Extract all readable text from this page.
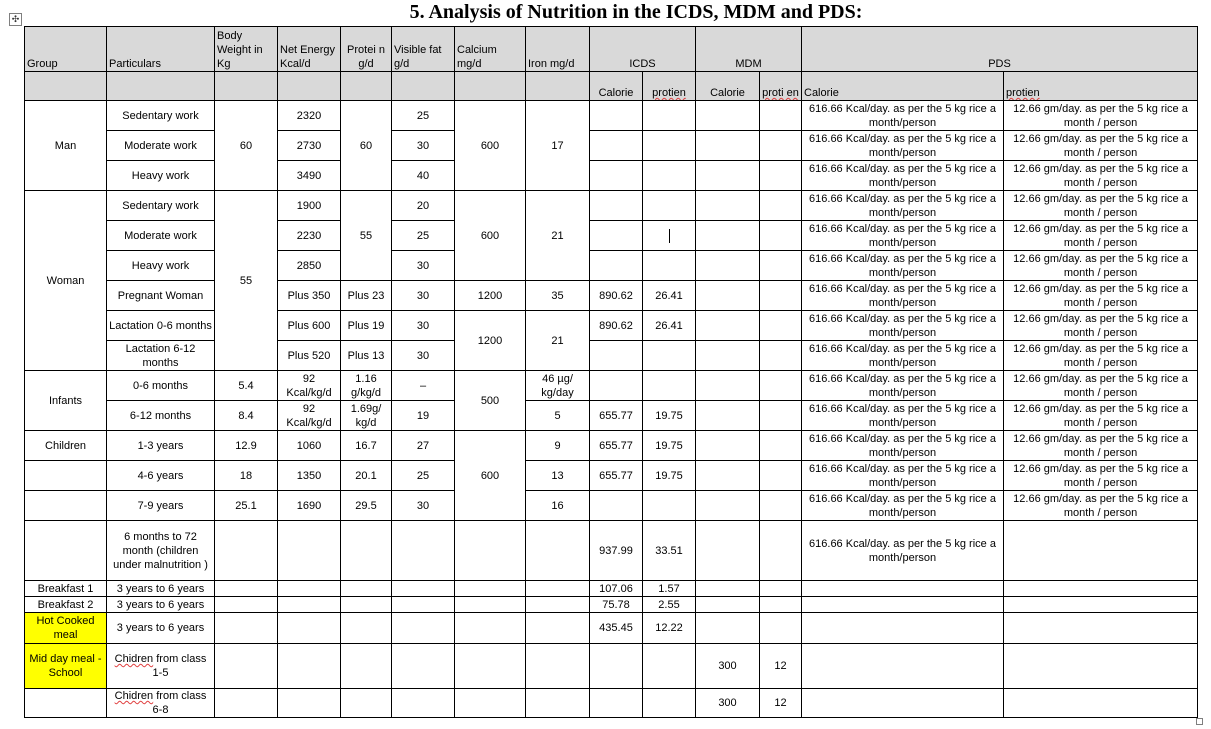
✣	5. Analysis of Nutrition in the ICDS, MDM and PDS:
Group	Particulars	Body Weight in Kg	Net Energy Kcal/d	Protei n g/d	Visible fat g/d	Calcium mg/d	Iron mg/d	ICDS		MDM		PDS	
								Calorie	protien	Calorie	proti en	Calorie	protien
Man	Sedentary work	60	2320	60	25	600	17					616.66 Kcal/day. as per the 5 kg rice a month/person	12.66 gm/day. as per the 5 kg rice a month / person
	Moderate work		2730		30							616.66 Kcal/day. as per the 5 kg rice a month/person	12.66 gm/day. as per the 5 kg rice a month / person
	Heavy work		3490		40							616.66 Kcal/day. as per the 5 kg rice a month/person	12.66 gm/day. as per the 5 kg rice a month / person
Woman	Sedentary work	55	1900	55	20	600	21					616.66 Kcal/day. as per the 5 kg rice a month/person	12.66 gm/day. as per the 5 kg rice a month / person
	Moderate work		2230		25							616.66 Kcal/day. as per the 5 kg rice a month/person	12.66 gm/day. as per the 5 kg rice a month / person
	Heavy work		2850		30							616.66 Kcal/day. as per the 5 kg rice a month/person	12.66 gm/day. as per the 5 kg rice a month / person
	Pregnant Woman		Plus 350	Plus 23	30	1200	35	890.62	26.41			616.66 Kcal/day. as per the 5 kg rice a month/person	12.66 gm/day. as per the 5 kg rice a month / person
	Lactation 0-6 months		Plus 600	Plus 19	30	1200	21	890.62	26.41			616.66 Kcal/day. as per the 5 kg rice a month/person	12.66 gm/day. as per the 5 kg rice a month / person
	Lactation 6-12 months		Plus 520	Plus 13	30							616.66 Kcal/day. as per the 5 kg rice a month/person	12.66 gm/day. as per the 5 kg rice a month / person
Infants	0-6 months	5.4	92 Kcal/kg/d	1.16 g/kg/d	–	500	46 µg/ kg/day					616.66 Kcal/day. as per the 5 kg rice a month/person	12.66 gm/day. as per the 5 kg rice a month / person
	6-12 months	8.4	92 Kcal/kg/d	1.69g/ kg/d	19		5	655.77	19.75			616.66 Kcal/day. as per the 5 kg rice a month/person	12.66 gm/day. as per the 5 kg rice a month / person
Children	1-3 years	12.9	1060	16.7	27	600	9	655.77	19.75			616.66 Kcal/day. as per the 5 kg rice a month/person	12.66 gm/day. as per the 5 kg rice a month / person
	4-6 years	18	1350	20.1	25		13	655.77	19.75			616.66 Kcal/day. as per the 5 kg rice a month/person	12.66 gm/day. as per the 5 kg rice a month / person
	7-9 years	25.1	1690	29.5	30		16					616.66 Kcal/day. as per the 5 kg rice a month/person	12.66 gm/day. as per the 5 kg rice a month / person
	6 months to 72 month (children under malnutrition )							937.99	33.51			616.66 Kcal/day. as per the 5 kg rice a month/person	
Breakfast 1	3 years to 6 years							107.06	1.57				
Breakfast 2	3 years to 6 years							75.78	2.55				
Hot Cooked meal	3 years to 6 years							435.45	12.22				
Mid day meal - School	Chidren from class 1-5									300	12		
	Chidren from class 6-8									300	12		
